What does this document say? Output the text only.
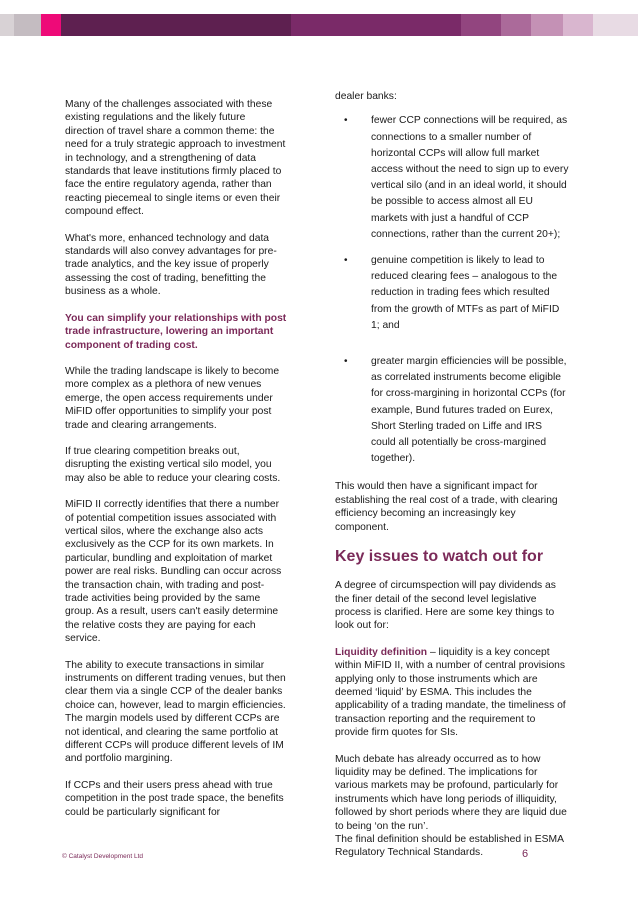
Many of the challenges associated with these existing regulations and the likely future direction of travel share a common theme: the need for a truly strategic approach to investment in technology, and a strengthening of data standards that leave institutions firmly placed to face the entire regulatory agenda, rather than reacting piecemeal to single items or even their compound effect.

What's more, enhanced technology and data standards will also convey advantages for pre-trade analytics, and the key issue of properly assessing the cost of trading, benefitting the business as a whole.

You can simplify your relationships with post trade infrastructure, lowering an important component of trading cost.

While the trading landscape is likely to become more complex as a plethora of new venues emerge, the open access requirements under MiFID offer opportunities to simplify your post trade and clearing arrangements.

If true clearing competition breaks out, disrupting the existing vertical silo model, you may also be able to reduce your clearing costs.

MiFID II correctly identifies that there a number of potential competition issues associated with vertical silos, where the exchange also acts exclusively as the CCP for its own markets. In particular, bundling and exploitation of market power are real risks. Bundling can occur across the transaction chain, with trading and post-trade activities being provided by the same group. As a result, users can't easily determine the relative costs they are paying for each service.

The ability to execute transactions in similar instruments on different trading venues, but then clear them via a single CCP of the dealer banks choice can, however, lead to margin efficiencies. The margin models used by different CCPs are not identical, and clearing the same portfolio at different CCPs will produce different levels of IM and portfolio margining.

If CCPs and their users press ahead with true competition in the post trade space, the benefits could be particularly significant for

dealer banks:

• fewer CCP connections will be required, as connections to a smaller number of horizontal CCPs will allow full market access without the need to sign up to every vertical silo (and in an ideal world, it should be possible to access almost all EU markets with just a handful of CCP connections, rather than the current 20+);
• genuine competition is likely to lead to reduced clearing fees – analogous to the reduction in trading fees which resulted from the growth of MTFs as part of MiFID 1; and
• greater margin efficiencies will be possible, as correlated instruments become eligible for cross-margining in horizontal CCPs (for example, Bund futures traded on Eurex, Short Sterling traded on Liffe and IRS could all potentially be cross-margined together).

This would then have a significant impact for establishing the real cost of a trade, with clearing efficiency becoming an increasingly key component.

Key issues to watch out for

A degree of circumspection will pay dividends as the finer detail of the second level legislative process is clarified. Here are some key things to look out for:

Liquidity definition – liquidity is a key concept within MiFID II, with a number of central provisions applying only to those instruments which are deemed ‘liquid’ by ESMA. This includes the applicability of a trading mandate, the timeliness of transaction reporting and the requirement to provide firm quotes for SIs.

Much debate has already occurred as to how liquidity may be defined. The implications for various markets may be profound, particularly for instruments which have long periods of illiquidity, followed by short periods where they are liquid due to being ‘on the run’.
The final definition should be established in ESMA Regulatory Technical Standards.

© Catalyst Development Ltd	6
